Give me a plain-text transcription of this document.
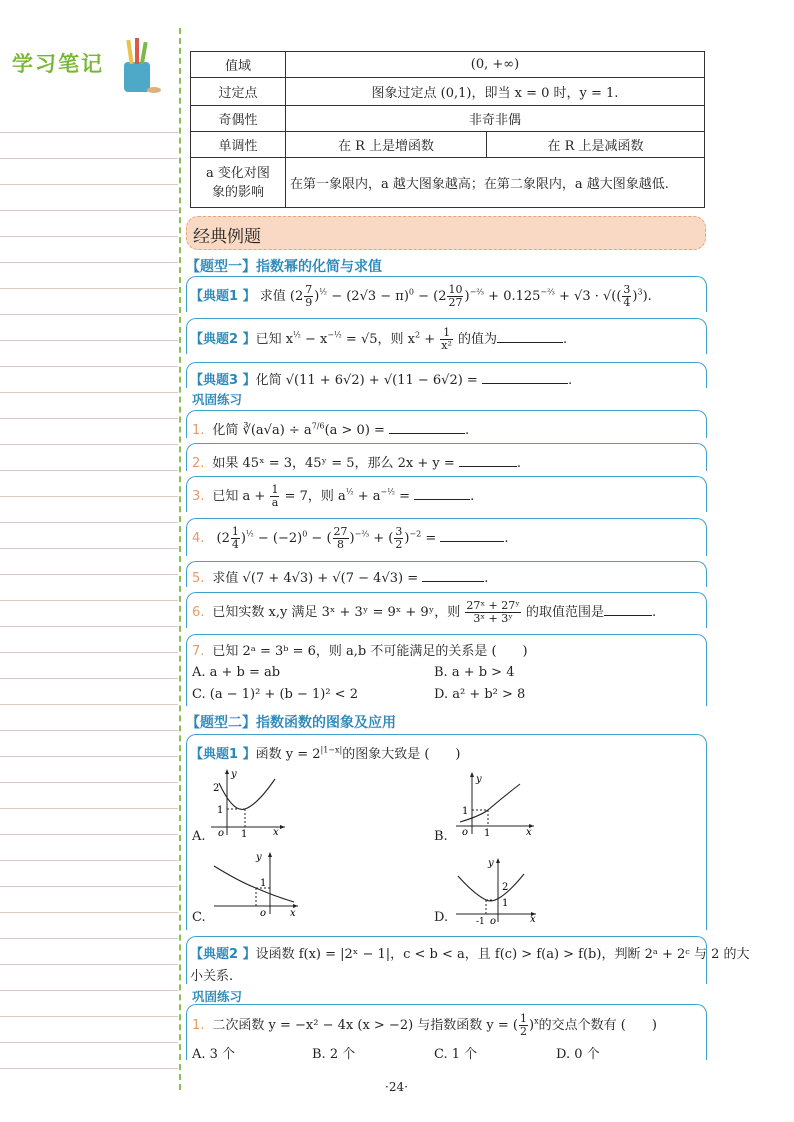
学习笔记	值域	(0, +∞)	
过定点	图象过定点 (0,1)，即当 x = 0 时，y = 1.	
奇偶性	非奇非偶	
单调性	在 R 上是增函数	在 R 上是减函数
a 变化对图
象的影响	在第一象限内，a 越大图象越高；在第二象限内，a 越大图象越低.	
经典例题
【题型一】指数幂的化简与求值
【典题1 】 求值 $(2 \frac{7}{9} )^{\frac{1}{2}} - (2√3 - \pi)^0 - (2 \frac{10}{27} )^{-\frac{2}{3}} + 0.125^{-\frac{2}{3}} + √3$ · √(( $\frac{3}{4} )^3$).
【典题2 】已知 $x^{\frac{1}{2}} - x^{-\frac{1}{2}} = √5$，则 $x^2 + \frac{1}{\text{x²}}$ 的值为	.
【典题3 】化简 √(11 + 6√2) + √(11 − 6√2) =	.
巩固练习
1. 化简 ∛(a√a) ÷ $a^{7/6}(a > 0)$ =	.
2. 如果 45ˣ = 3，45ʸ = 5，那么 2x + y =	.
3. 已知 $a + \frac{1}{a} = 7$，则 $a^{\frac{1}{2}} + a^{-\frac{1}{2}}$ =	.
4. $(2 \frac{1}{4} )^{\frac{1}{2}} - (-2)^0$ − ( $\frac{27}{8} )^{-\frac{2}{3}}$ + ( $\frac{3}{2} )^{-2}$ =	.
5. 求值 √(7 + 4√3) + √(7 − 4√3) =	.
6. 已知实数 x,y 满足 3ˣ + 3ʸ = 9ˣ + 9ʸ，则 $\frac{\text{27ˣ + 27ʸ}}{\text{3ˣ + 3ʸ}}$ 的取值范围是	.
7. 已知 2ᵃ = 3ᵇ = 6，则 a,b 不可能满足的关系是 (　　)
A. a + b = ab	B. a + b > 4
C. (a − 1)² + (b − 1)² < 2	D. a² + b² > 8
【题型二】指数函数的图象及应用
【典题1 】函数 $y = 2^{|1-x|}$的图象大致是 (　　)
A.
2
1
y
o 1	x	B.
1
y
o 1	x
C.
1
y
o x	D.
2
1
y
-1 o	x
【典题2 】设函数 f(x) = |2ˣ − 1|，c < b < a，且 f(c) > f(a) > f(b)，判断 2ᵃ + 2ᶜ 与 2 的大
小关系.
巩固练习
1. 二次函数 y = −x² − 4x (x > −2) 与指数函数 y = ( $\frac{1}{2} )^x$的交点个数有 (　　)
A. 3 个	B. 2 个	C. 1 个	D. 0 个
·24·
